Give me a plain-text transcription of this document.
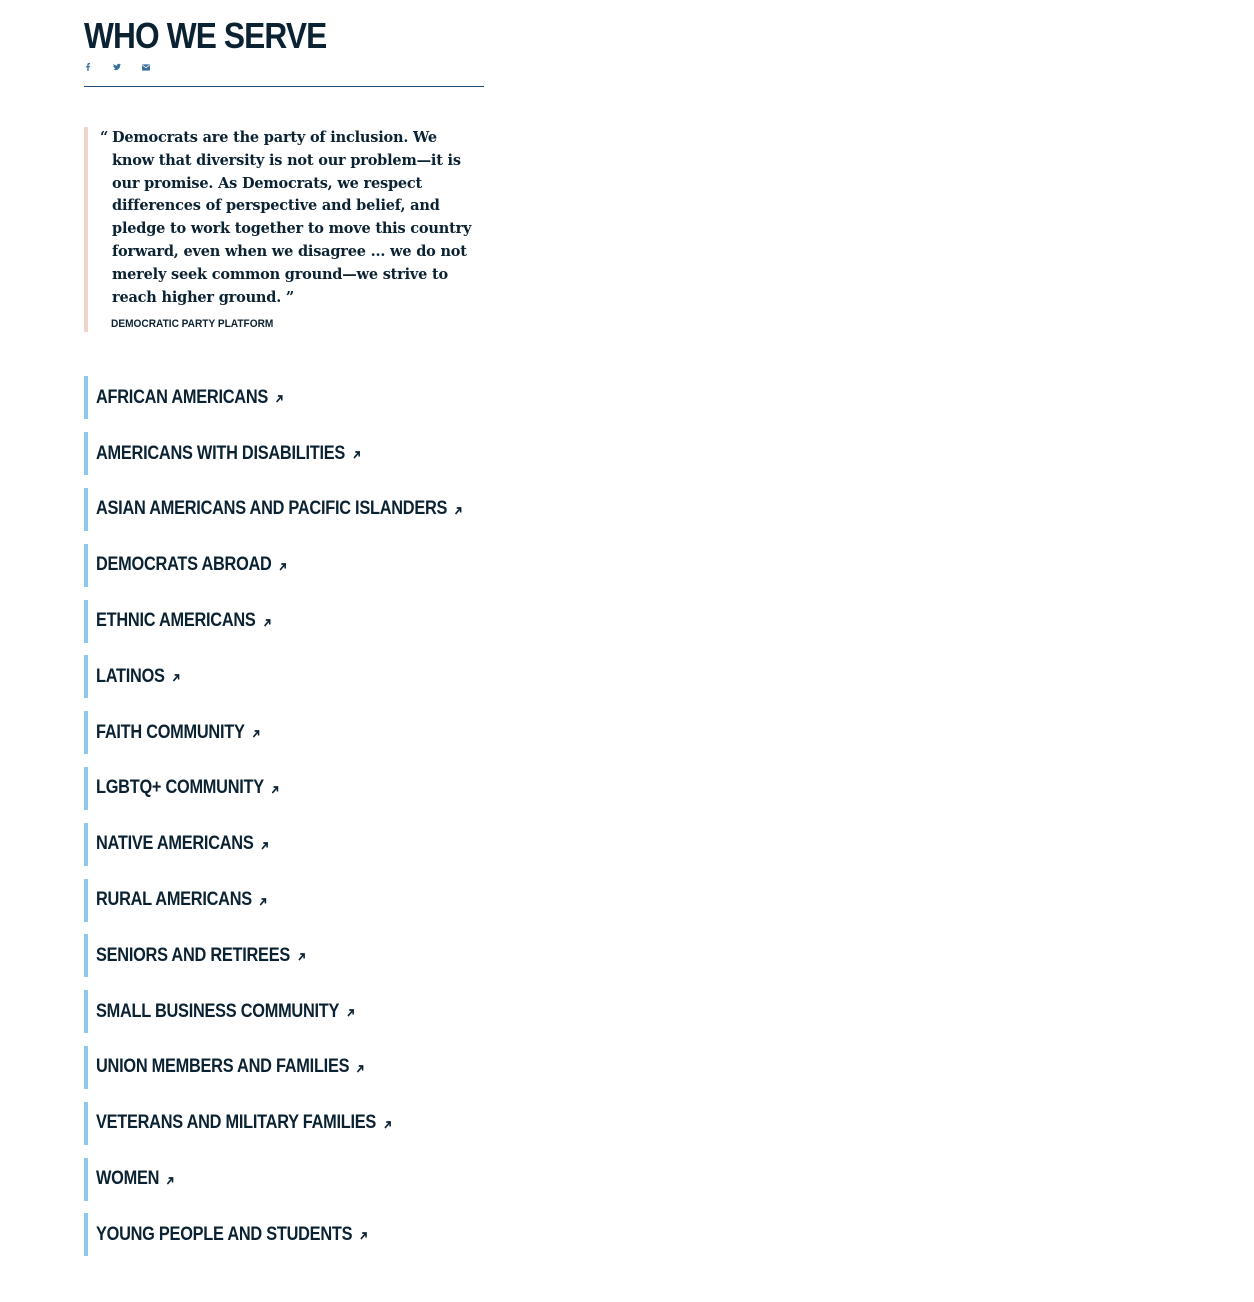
WHO WE SERVE

“ Democrats are the party of inclusion. We know that diversity is not our problem—it is our promise. As Democrats, we respect differences of perspective and belief, and pledge to work together to move this country forward, even when we disagree ... we do not merely seek common ground—we strive to reach higher ground. ”

DEMOCRATIC PARTY PLATFORM
AFRICAN AMERICANS
AMERICANS WITH DISABILITIES
ASIAN AMERICANS AND PACIFIC ISLANDERS
DEMOCRATS ABROAD
ETHNIC AMERICANS
LATINOS
FAITH COMMUNITY
LGBTQ+ COMMUNITY
NATIVE AMERICANS
RURAL AMERICANS
SENIORS AND RETIREES
SMALL BUSINESS COMMUNITY
UNION MEMBERS AND FAMILIES
VETERANS AND MILITARY FAMILIES
WOMEN
YOUNG PEOPLE AND STUDENTS
